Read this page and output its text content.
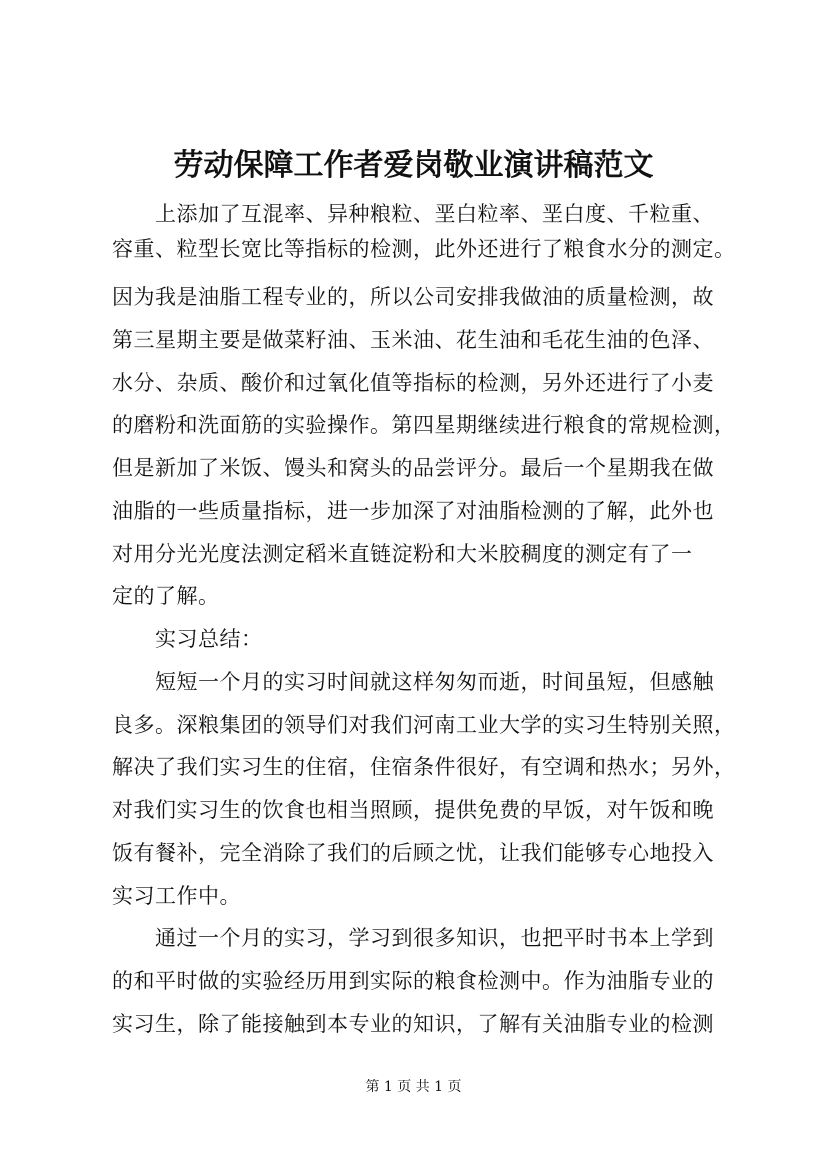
劳动保障工作者爱岗敬业演讲稿范文
　　上添加了互混率、异种粮粒、垩白粒率、垩白度、千粒重、
容重、粒型长宽比等指标的检测，此外还进行了粮食水分的测定。
因为我是油脂工程专业的，所以公司安排我做油的质量检测，故
第三星期主要是做菜籽油、玉米油、花生油和毛花生油的色泽、
水分、杂质、酸价和过氧化值等指标的检测，另外还进行了小麦
的磨粉和洗面筋的实验操作。第四星期继续进行粮食的常规检测，
但是新加了米饭、馒头和窝头的品尝评分。最后一个星期我在做
油脂的一些质量指标，进一步加深了对油脂检测的了解，此外也
对用分光光度法测定稻米直链淀粉和大米胶稠度的测定有了一
定的了解。
　　实习总结：
　　短短一个月的实习时间就这样匆匆而逝，时间虽短，但感触
良多。深粮集团的领导们对我们河南工业大学的实习生特别关照，
解决了我们实习生的住宿，住宿条件很好，有空调和热水；另外，
对我们实习生的饮食也相当照顾，提供免费的早饭，对午饭和晚
饭有餐补，完全消除了我们的后顾之忧，让我们能够专心地投入
实习工作中。
　　通过一个月的实习，学习到很多知识，也把平时书本上学到
的和平时做的实验经历用到实际的粮食检测中。作为油脂专业的
实习生，除了能接触到本专业的知识，了解有关油脂专业的检测
第 1 页 共 1 页
